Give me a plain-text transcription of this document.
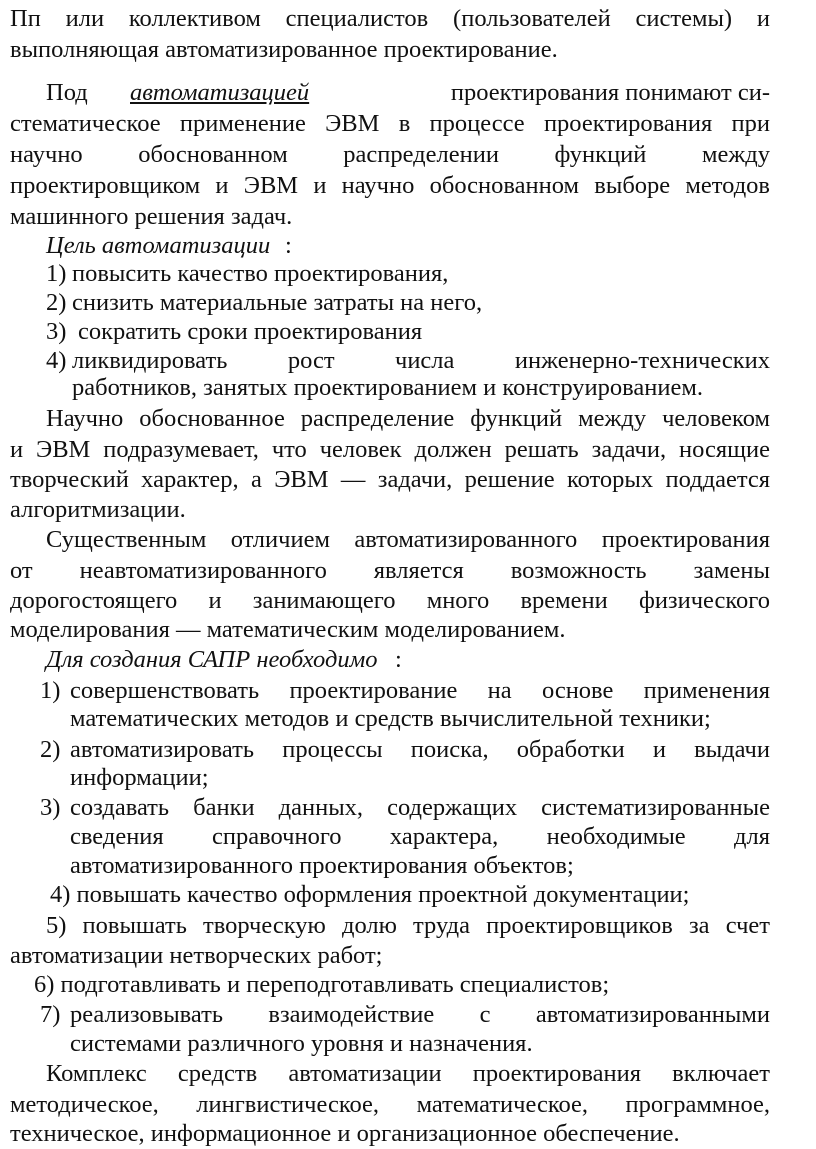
Пп или коллективом специалистов (пользователей системы) и
выполняющая автоматизированное проектирование.
Под автоматизацией	проектирования понимают си-
стематическое применение ЭВМ в процессе проектирования при
научно обоснованном распределении функций между
проектировщиком и ЭВМ и научно обоснованном выборе методов
машинного решения задач.
Цель автоматизации :
1) повысить качество проектирования,
2) снизить материальные затраты на него,
3) сократить сроки проектирования
4) ликвидировать рост числа инженерно-технических
работников, занятых проектированием и конструированием.
Научно обоснованное распределение функций между человеком
и ЭВМ подразумевает, что человек должен решать задачи, носящие
творческий характер, а ЭВМ — задачи, решение которых поддается
алгоритмизации.
Существенным отличием автоматизированного проектирования
от неавтоматизированного является возможность замены
дорогостоящего и занимающего много времени физического
моделирования — математическим моделированием.
Для создания САПР необходимо :
1) совершенствовать проектирование на основе применения
математических методов и средств вычислительной техники;
2) автоматизировать процессы поиска, обработки и выдачи
информации;
3) создавать банки данных, содержащих систематизированные
сведения справочного характера, необходимые для
автоматизированного проектирования объектов;
4) повышать качество оформления проектной документации;
5) повышать творческую долю труда проектировщиков за счет
автоматизации нетворческих работ;
6) подготавливать и переподготавливать специалистов;
7) реализовывать взаимодействие с автоматизированными
системами различного уровня и назначения.
Комплекс средств автоматизации проектирования включает
методическое, лингвистическое, математическое, программное,
техническое, информационное и организационное обеспечение.
